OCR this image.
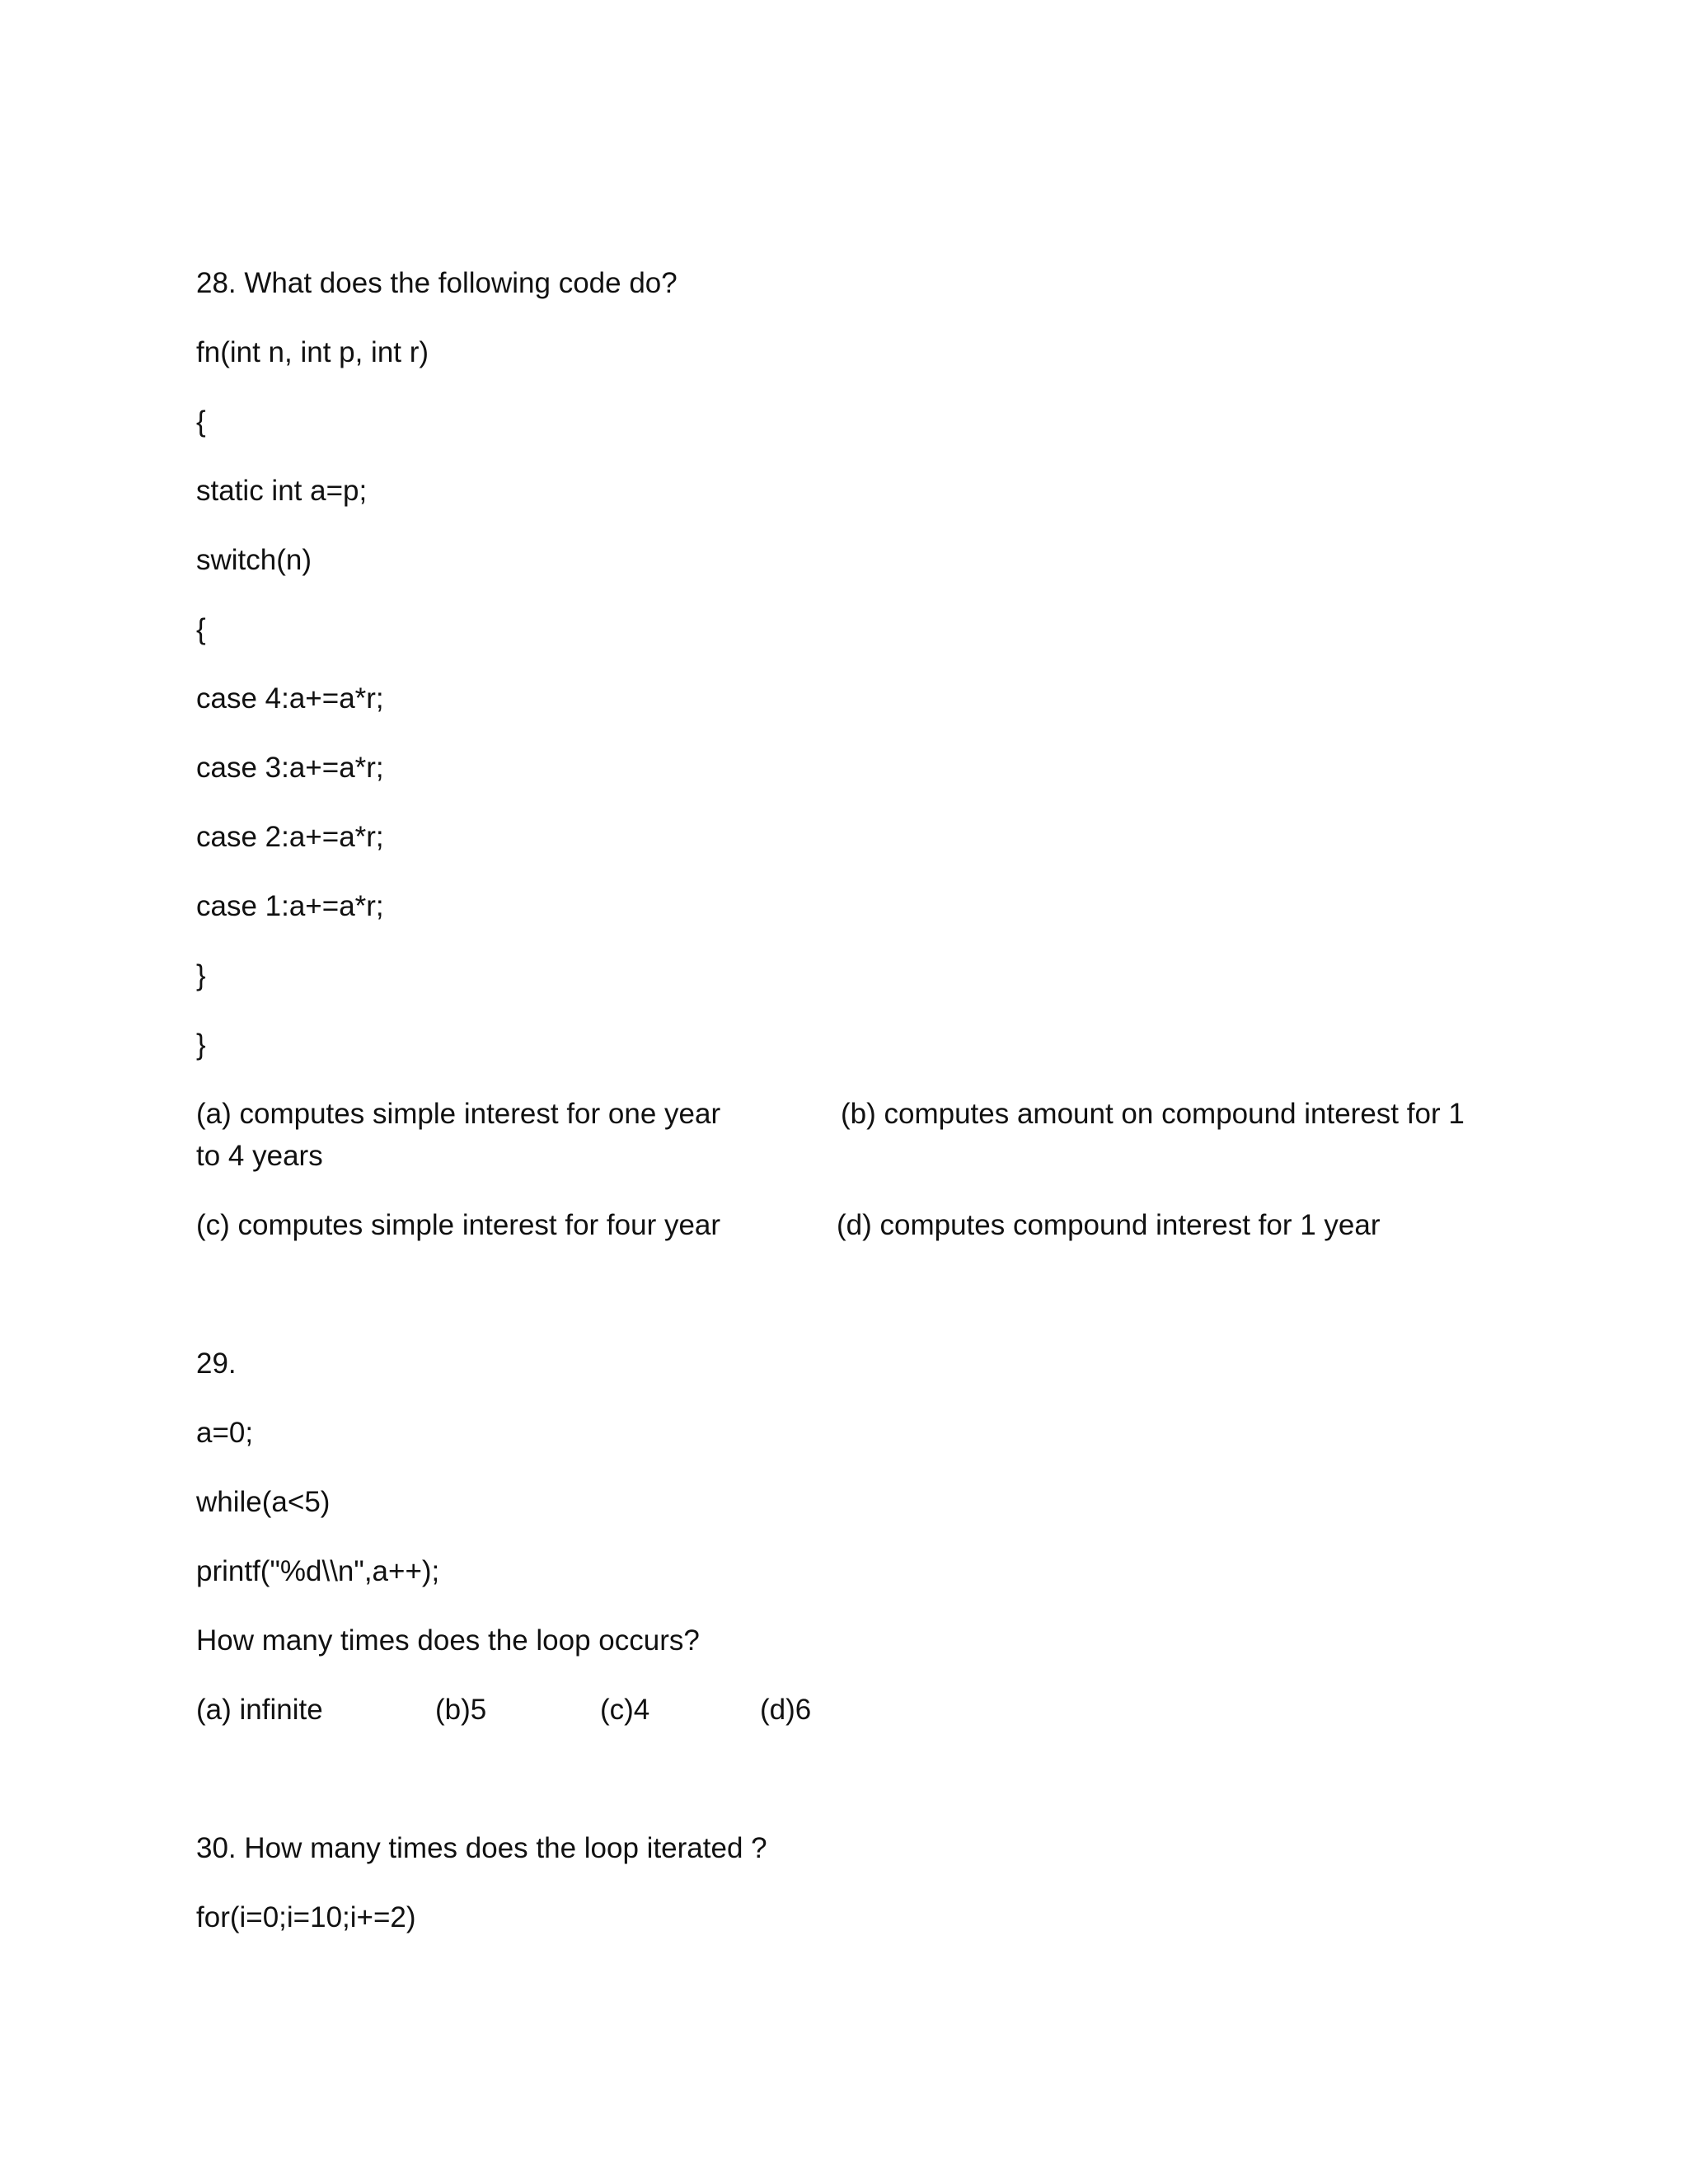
28. What does the following code do?
fn(int n, int p, int r)
{
static int a=p;
switch(n)
{
case 4:a+=a*r;
case 3:a+=a*r;
case 2:a+=a*r;
case 1:a+=a*r;
}
}
(a) computes simple interest for one year	(b) computes amount on compound interest for 1
to 4 years
(c) computes simple interest for four year	(d) computes compound interest for 1 year
29.
a=0;
while(a<5)
printf("%d\\n",a++);
How many times does the loop occurs?
(a) infinite	(b)5	(c)4	(d)6
30. How many times does the loop iterated ?
for(i=0;i=10;i+=2)
